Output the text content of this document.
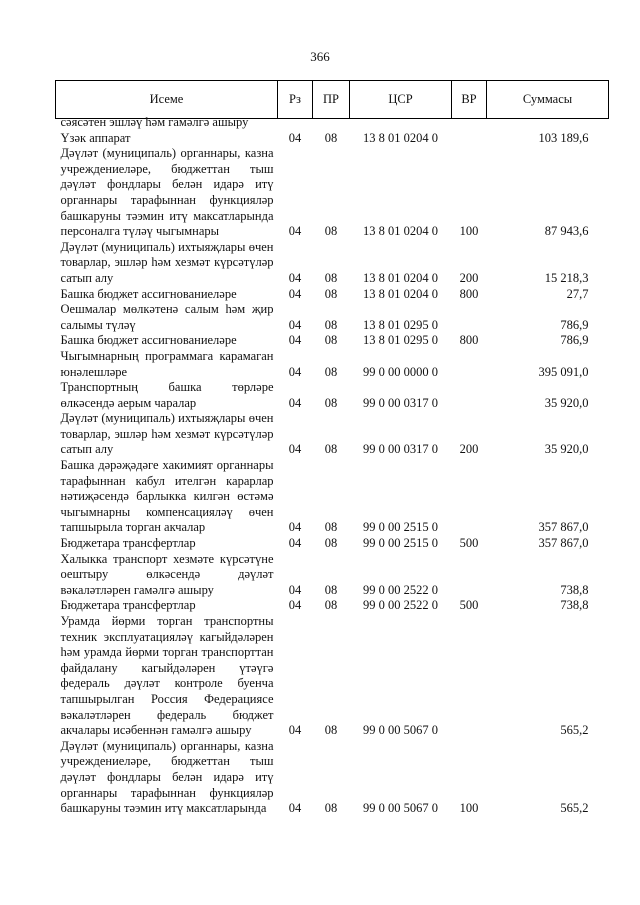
366
Исеме	Рз	ПР	ЦСР	ВР	Суммасы

сәясәтен эшләү һәм гамәлгә ашыру					

Үзәк аппарат	04	08	13 8 01 0204 0		103 189,6
Дәүләт (муниципаль) органнары, казна учреждениеләре, бюджеттан тыш дәүләт фондлары белән идарә итү органнары тарафыннан функцияләр башкаруны тәэмин итү максатларында персоналга түләү чыгымнары	04	08	13 8 01 0204 0	100	87 943,6
Дәүләт (муниципаль) ихтыяҗлары өчен товарлар, эшләр һәм хезмәт күрсәтүләр сатып алу	04	08	13 8 01 0204 0	200	15 218,3
Башка бюджет ассигнованиеләре	04	08	13 8 01 0204 0	800	27,7
Оешмалар мөлкәтенә салым һәм җир салымы түләү	04	08	13 8 01 0295 0		786,9
Башка бюджет ассигнованиеләре	04	08	13 8 01 0295 0	800	786,9
Чыгымнарның программага карамаган юнәлешләре	04	08	99 0 00 0000 0		395 091,0
Транспортның башка төрләре өлкәсендә аерым чаралар	04	08	99 0 00 0317 0		35 920,0
Дәүләт (муниципаль) ихтыяҗлары өчен товарлар, эшләр һәм хезмәт күрсәтүләр сатып алу	04	08	99 0 00 0317 0	200	35 920,0
Башка дәрәҗәдәге хакимият органнары тарафыннан кабул ителгән карарлар нәтиҗәсендә барлыкка килгән өстәмә чыгымнарны компенсацияләү өчен тапшырыла торган акчалар	04	08	99 0 00 2515 0		357 867,0
Бюджетара трансфертлар	04	08	99 0 00 2515 0	500	357 867,0
Халыкка транспорт хезмәте күрсәтүне оештыру өлкәсендә дәүләт вәкаләтләрен гамәлгә ашыру	04	08	99 0 00 2522 0		738,8
Бюджетара трансфертлар	04	08	99 0 00 2522 0	500	738,8
Урамда йөрми торган транспортны техник эксплуатацияләү кагыйдәләрен һәм урамда йөрми торган транспорттан файдалану кагыйдәләрен үтәүгә федераль дәүләт контроле буенча тапшырылган Россия Федерациясе вәкаләтләрен федераль бюджет акчалары исәбеннән гамәлгә ашыру	04	08	99 0 00 5067 0		565,2
Дәүләт (муниципаль) органнары, казна учреждениеләре, бюджеттан тыш дәүләт фондлары белән идарә итү органнары тарафыннан функцияләр башкаруны тәэмин итү максатларында	04	08	99 0 00 5067 0	100	565,2
